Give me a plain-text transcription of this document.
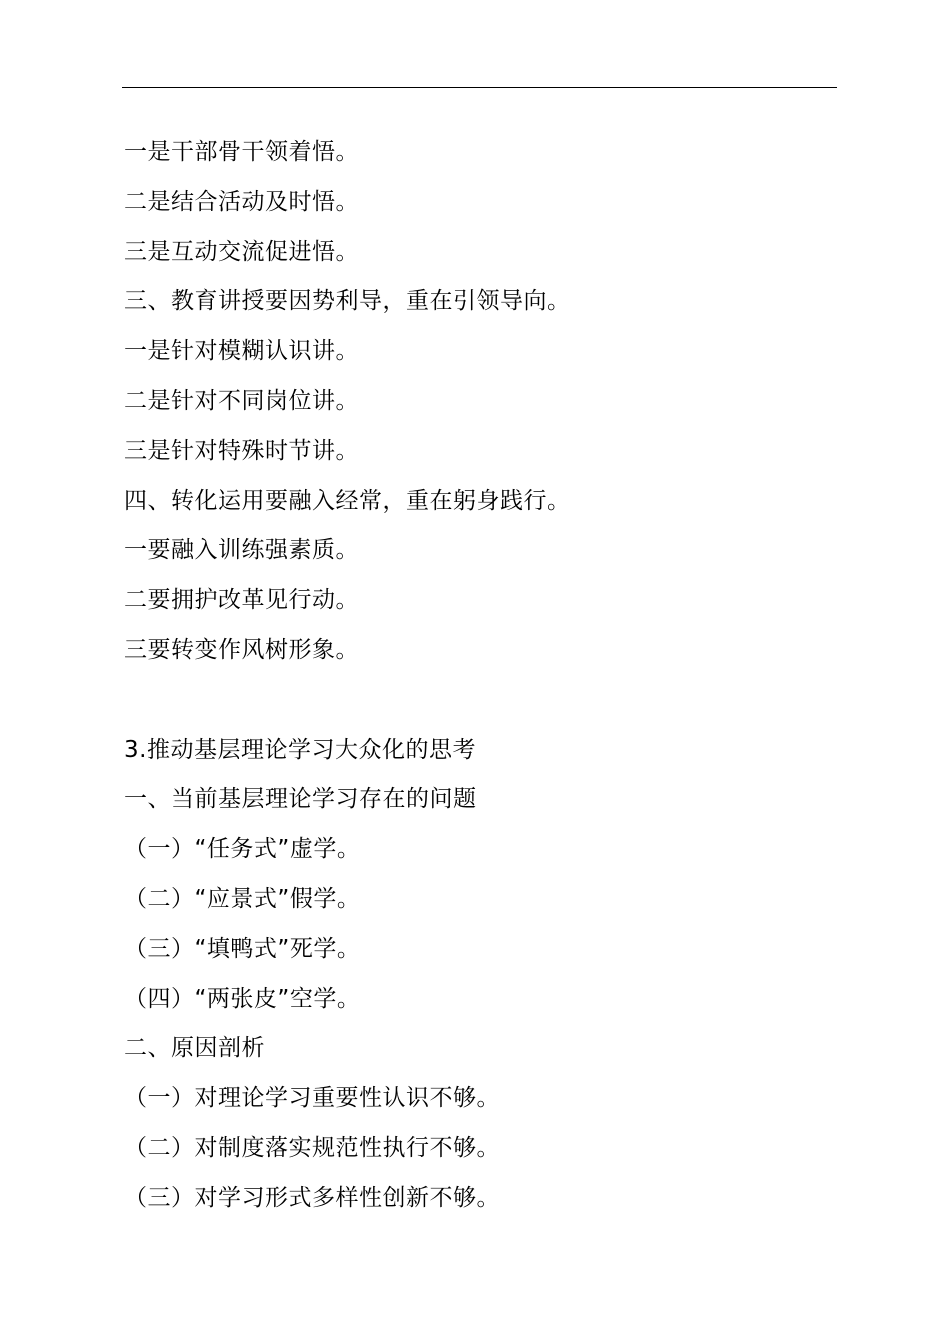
一是干部骨干领着悟。
二是结合活动及时悟。
三是互动交流促进悟。
三、教育讲授要因势利导，重在引领导向。
一是针对模糊认识讲。
二是针对不同岗位讲。
三是针对特殊时节讲。
四、转化运用要融入经常，重在躬身践行。
一要融入训练强素质。
二要拥护改革见行动。
三要转变作风树形象。
3.推动基层理论学习大众化的思考
一、当前基层理论学习存在的问题
（一）“任务式”虚学。
（二）“应景式”假学。
（三）“填鸭式”死学。
（四）“两张皮”空学。
二、原因剖析
（一）对理论学习重要性认识不够。
（二）对制度落实规范性执行不够。
（三）对学习形式多样性创新不够。
